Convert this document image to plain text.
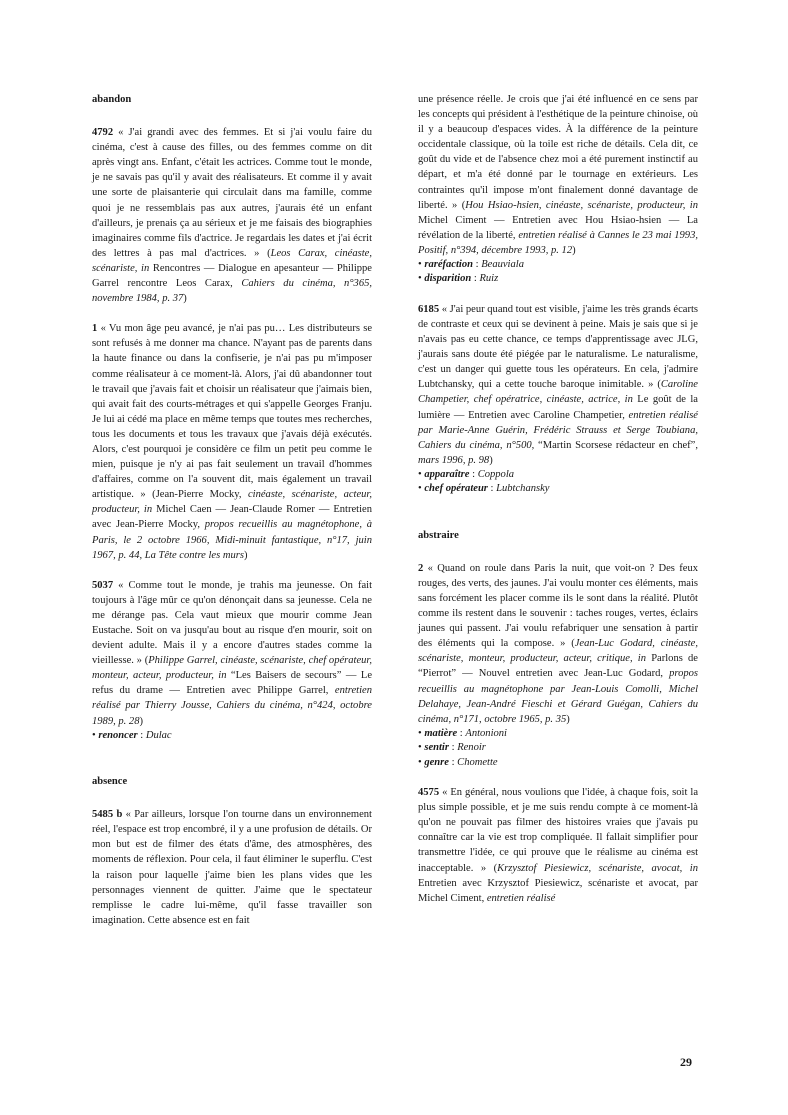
abandon

4792 « J'ai grandi avec des femmes. Et si j'ai voulu faire du cinéma, c'est à cause des filles, ou des femmes comme on dit après vingt ans. Enfant, c'était les actrices. Comme tout le monde, je ne savais pas qu'il y avait des réalisateurs. Et comme il y avait une sorte de plaisanterie qui circulait dans ma famille, comme quoi je ne ressemblais pas aux autres, j'aurais été un enfant d'ailleurs, je prenais ça au sérieux et je me faisais des biographies imaginaires comme fils d'actrice. Je regardais les dates et j'ai écrit des lettres à pas mal d'actrices. » (Leos Carax, cinéaste, scénariste, in Rencontres — Dialogue en apesanteur — Philippe Garrel rencontre Leos Carax, Cahiers du cinéma, n°365, novembre 1984, p. 37)

1 « Vu mon âge peu avancé, je n'ai pas pu… Les distributeurs se sont refusés à me donner ma chance. N'ayant pas de parents dans la haute finance ou dans la confiserie, je n'ai pas pu m'imposer comme réalisateur à ce moment-là. Alors, j'ai dû abandonner tout le travail que j'avais fait et choisir un réalisateur que j'aimais bien, qui avait fait des courts-métrages et qui s'appelle Georges Franju. Je lui ai cédé ma place en même temps que toutes mes recherches, tous les documents et tous les travaux que j'avais déjà exécutés. Alors, c'est pourquoi je considère ce film un petit peu comme le mien, puisque je n'y ai pas fait seulement un travail d'hommes d'affaires, comme on l'a souvent dit, mais également un travail artistique. » (Jean-Pierre Mocky, cinéaste, scénariste, acteur, producteur, in Michel Caen — Jean-Claude Romer — Entretien avec Jean-Pierre Mocky, propos recueillis au magnétophone, à Paris, le 2 octobre 1966, Midi-minuit fantastique, n°17, juin 1967, p. 44, La Tête contre les murs)

5037 « Comme tout le monde, je trahis ma jeunesse. On fait toujours à l'âge mûr ce qu'on dénonçait dans sa jeunesse. Cela ne me dérange pas. Cela vaut mieux que mourir comme Jean Eustache. Soit on va jusqu'au bout au risque d'en mourir, soit on devient adulte. Mais il y a encore d'autres stades comme la vieillesse. » (Philippe Garrel, cinéaste, scénariste, chef opérateur, monteur, acteur, producteur, in “Les Baisers de secours” — Le refus du drame — Entretien avec Philippe Garrel, entretien réalisé par Thierry Jousse, Cahiers du cinéma, n°424, octobre 1989, p. 28)

• renoncer : Dulac
absence

5485 b « Par ailleurs, lorsque l'on tourne dans un environnement réel, l'espace est trop encombré, il y a une profusion de détails. Or mon but est de filmer des états d'âme, des atmosphères, des moments de réflexion. Pour cela, il faut éliminer le superflu. C'est la raison pour laquelle j'aime bien les plans vides que les personnages viennent de quitter. J'aime que le spectateur remplisse le cadre lui-même, qu'il fasse travailler son imagination. Cette absence est en fait

une présence réelle. Je crois que j'ai été influencé en ce sens par les concepts qui président à l'esthétique de la peinture chinoise, où il y a beaucoup d'espaces vides. À la différence de la peinture occidentale classique, où la toile est riche de détails. Cela dit, ce goût du vide et de l'absence chez moi a été purement instinctif au départ, et m'a été donné par le tournage en extérieurs. Les contraintes qu'il impose m'ont finalement donné davantage de liberté. » (Hou Hsiao-hsien, cinéaste, scénariste, producteur, in Michel Ciment — Entretien avec Hou Hsiao-hsien — La révélation de la liberté, entretien réalisé à Cannes le 23 mai 1993, Positif, n°394, décembre 1993, p. 12)

• raréfaction : Beauviala
• disparition : Ruiz

6185 « J'ai peur quand tout est visible, j'aime les très grands écarts de contraste et ceux qui se devinent à peine. Mais je sais que si je n'avais pas eu cette chance, ce temps d'apprentissage avec JLG, j'aurais sans doute été piégée par le naturalisme. Le naturalisme, c'est un danger qui guette tous les opérateurs. En cela, j'admire Lubtchansky, qui a cette touche baroque inimitable. » (Caroline Champetier, chef opératrice, cinéaste, actrice, in Le goût de la lumière — Entretien avec Caroline Champetier, entretien réalisé par Marie-Anne Guérin, Frédéric Strauss et Serge Toubiana, Cahiers du cinéma, n°500, “Martin Scorsese rédacteur en chef”, mars 1996, p. 98)

• apparaître : Coppola
• chef opérateur : Lubtchansky
abstraire

2 « Quand on roule dans Paris la nuit, que voit-on ? Des feux rouges, des verts, des jaunes. J'ai voulu monter ces éléments, mais sans forcément les placer comme ils le sont dans la réalité. Plutôt comme ils restent dans le souvenir : taches rouges, vertes, éclairs jaunes qui passent. J'ai voulu refabriquer une sensation à partir des éléments qui la compose. » (Jean-Luc Godard, cinéaste, scénariste, monteur, producteur, acteur, critique, in Parlons de “Pierrot” — Nouvel entretien avec Jean-Luc Godard, propos recueillis au magnétophone par Jean-Louis Comolli, Michel Delahaye, Jean-André Fieschi et Gérard Guégan, Cahiers du cinéma, n°171, octobre 1965, p. 35)

• matière : Antonioni
• sentir : Renoir
• genre : Chomette

4575 « En général, nous voulions que l'idée, à chaque fois, soit la plus simple possible, et je me suis rendu compte à ce moment-là qu'on ne pouvait pas filmer des histoires vraies que j'avais pu connaître car la vie est trop compliquée. Il fallait simplifier pour transmettre l'idée, ce qui prouve que le réalisme au cinéma est inacceptable. » (Krzysztof Piesiewicz, scénariste, avocat, in Entretien avec Krzysztof Piesiewicz, scénariste et avocat, par Michel Ciment, entretien réalisé

29
